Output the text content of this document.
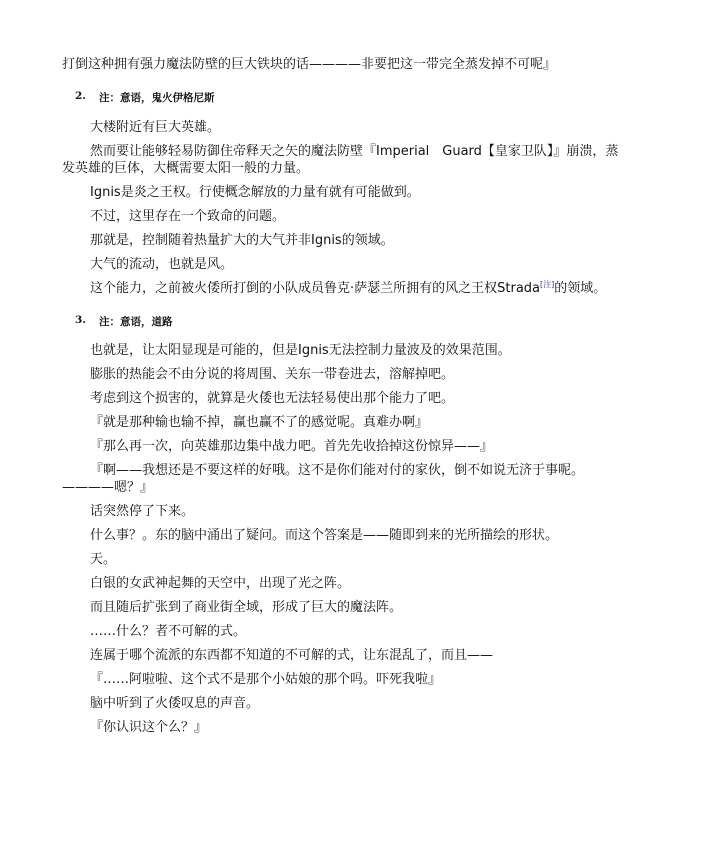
打倒这种拥有强力魔法防壁的巨大铁块的话————非要把这一带完全蒸发掉不可呢』

2.	注：意语，鬼火伊格尼斯

大楼附近有巨大英雄。

然而要让能够轻易防御住帝释天之矢的魔法防壁『Imperial　Guard【皇家卫队】』崩溃，蒸发英雄的巨体，大概需要太阳一般的力量。

Ignis是炎之王权。行使概念解放的力量有就有可能做到。

不过，这里存在一个致命的问题。

那就是，控制随着热量扩大的大气并非Ignis的领域。

大气的流动，也就是风。

这个能力，之前被火倭所打倒的小队成员鲁克·萨瑟兰所拥有的风之王权Strada[注]的领域。

3.	注：意语，道路

也就是，让太阳显现是可能的，但是Ignis无法控制力量波及的效果范围。

膨胀的热能会不由分说的将周围、关东一带卷进去，溶解掉吧。

考虑到这个损害的，就算是火倭也无法轻易使出那个能力了吧。

『就是那种输也输不掉，赢也赢不了的感觉呢。真难办啊』

『那么再一次，向英雄那边集中战力吧。首先先收拾掉这份惊异——』

『啊——我想还是不要这样的好哦。这不是你们能对付的家伙，倒不如说无济于事呢。————嗯？』

话突然停了下来。

什么事？。东的脑中涌出了疑问。而这个答案是——随即到来的光所描绘的形状。

天。

白银的女武神起舞的天空中，出现了光之阵。

而且随后扩张到了商业街全域，形成了巨大的魔法阵。

……什么？者不可解的式。

连属于哪个流派的东西都不知道的不可解的式，让东混乱了，而且——

『……阿啦啦、这个式不是那个小姑娘的那个吗。吓死我啦』

脑中听到了火倭叹息的声音。

『你认识这个么？』
